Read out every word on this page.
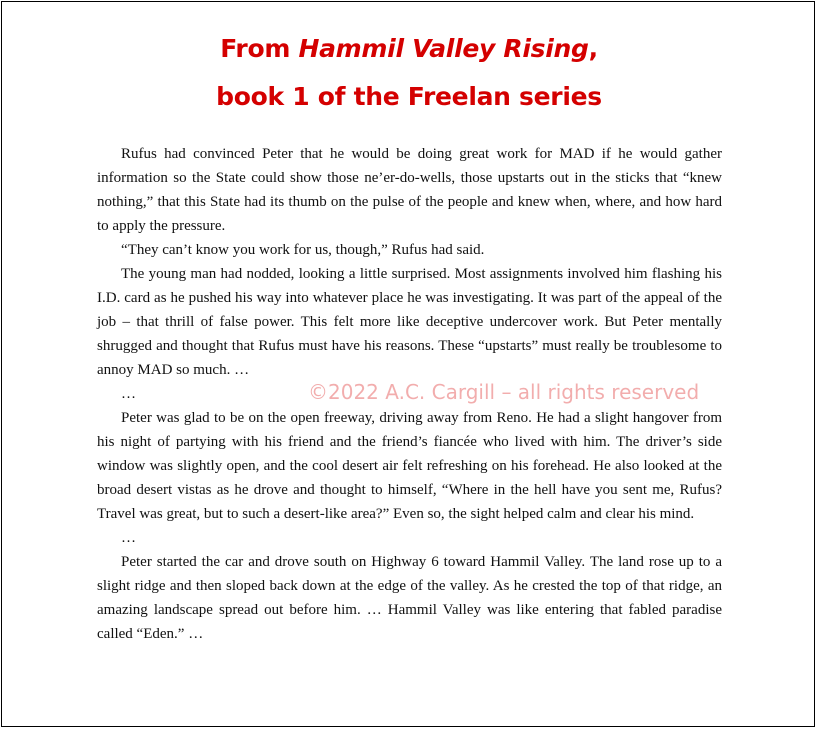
From Hammil Valley Rising,
book 1 of the Freelan series

Rufus had convinced Peter that he would be doing great work for MAD if he would gather information so the State could show those ne’er-do-wells, those upstarts out in the sticks that “knew nothing,” that this State had its thumb on the pulse of the people and knew when, where, and how hard to apply the pressure.

“They can’t know you work for us, though,” Rufus had said.

The young man had nodded, looking a little surprised. Most assignments involved him flashing his I.D. card as he pushed his way into whatever place he was investigating. It was part of the appeal of the job – that thrill of false power. This felt more like deceptive undercover work. But Peter mentally shrugged and thought that Rufus must have his reasons. These “upstarts” must really be troublesome to annoy MAD so much. …

…

Peter was glad to be on the open freeway, driving away from Reno. He had a slight hangover from his night of partying with his friend and the friend’s fiancée who lived with him. The driver’s side window was slightly open, and the cool desert air felt refreshing on his forehead. He also looked at the broad desert vistas as he drove and thought to himself, “Where in the hell have you sent me, Rufus? Travel was great, but to such a desert-like area?” Even so, the sight helped calm and clear his mind.

…

Peter started the car and drove south on Highway 6 toward Hammil Valley. The land rose up to a slight ridge and then sloped back down at the edge of the valley. As he crested the top of that ridge, an amazing landscape spread out before him. … Hammil Valley was like entering that fabled paradise called “Eden.” …

©2022 A.C. Cargill – all rights reserved
